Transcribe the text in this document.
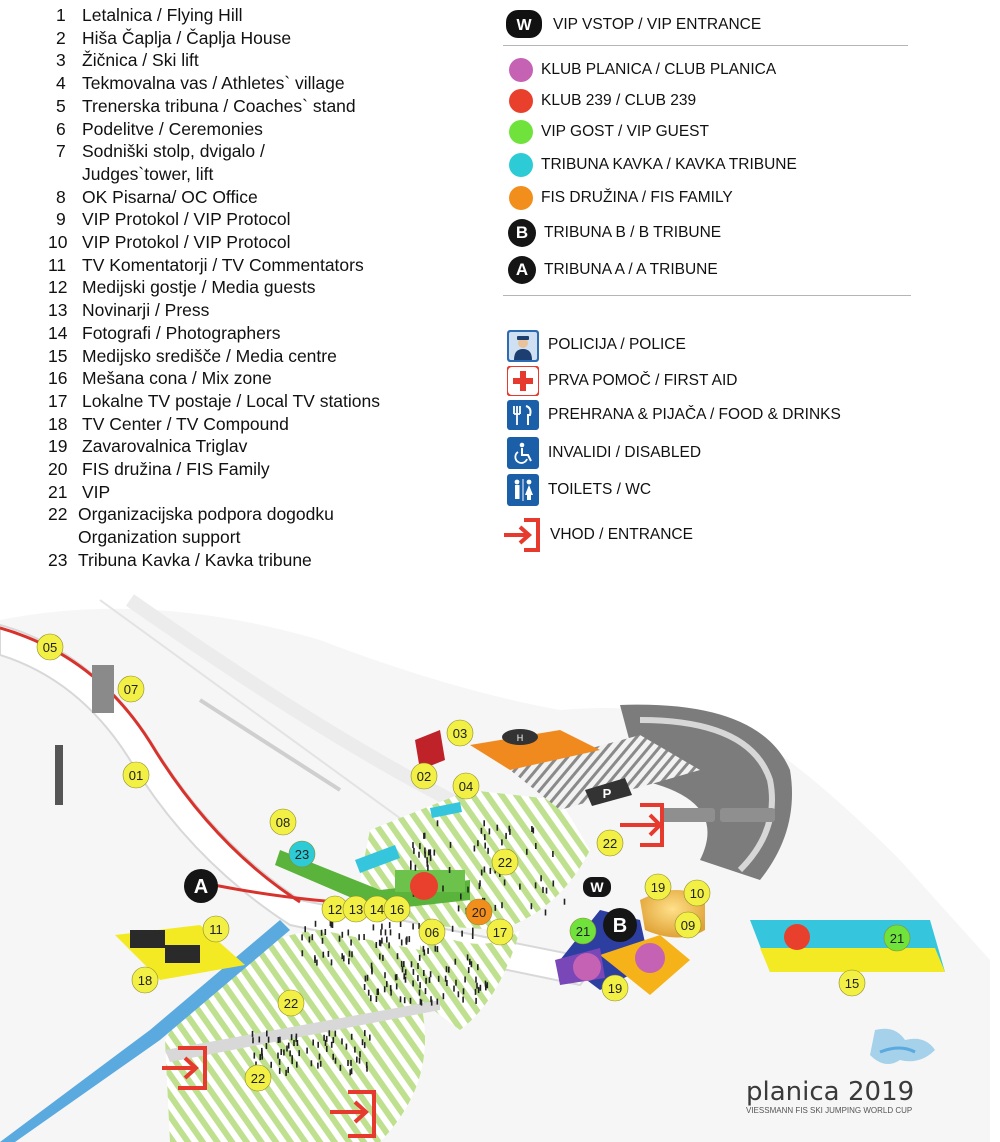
1 Letalnica / Flying Hill
2 Hiša Čaplja / Čaplja House
3 Žičnica / Ski lift
4 Tekmovalna vas / Athletes` village
5 Trenerska tribuna / Coaches` stand
6 Podelitve / Ceremonies
7 Sodniški stolp, dvigalo /
Judges`tower, lift
8 OK Pisarna/ OC Office
9 VIP Protokol / VIP Protocol
10 VIP Protokol / VIP Protocol
11 TV Komentatorji / TV Commentators
12 Medijski gostje / Media guests
13 Novinarji / Press
14 Fotografi / Photographers
15 Medijsko središče / Media centre
16 Mešana cona / Mix zone
17 Lokalne TV postaje / Local TV stations
18 TV Center / TV Compound
19 Zavarovalnica Triglav
20 FIS družina / FIS Family
21 VIP
22 Organizacijska podpora dogodku
Organization support
23 Tribuna Kavka / Kavka tribune
W VIP VSTOP / VIP ENTRANCE
KLUB PLANICA / CLUB PLANICA
KLUB 239 / CLUB 239
VIP GOST / VIP GUEST
TRIBUNA KAVKA / KAVKA TRIBUNE
FIS DRUŽINA / FIS FAMILY
B	TRIBUNA B / B TRIBUNE
A	TRIBUNA A / A TRIBUNE
POLICIJA / POLICE
PRVA POMOČ / FIRST AID
PREHRANA & PIJAČA / FOOD & DRINKS
INVALIDI / DISABLED
TOILETS / WC
VHOD / ENTRANCE
P
H
05
07
01
03
02
04
08
23
22
22
A
11
12 13 14 16	20
06	17
W	19 10
21 B	09
19
21
15
18
22
22	planica 2019
VIESSMANN FIS SKI JUMPING WORLD CUP
